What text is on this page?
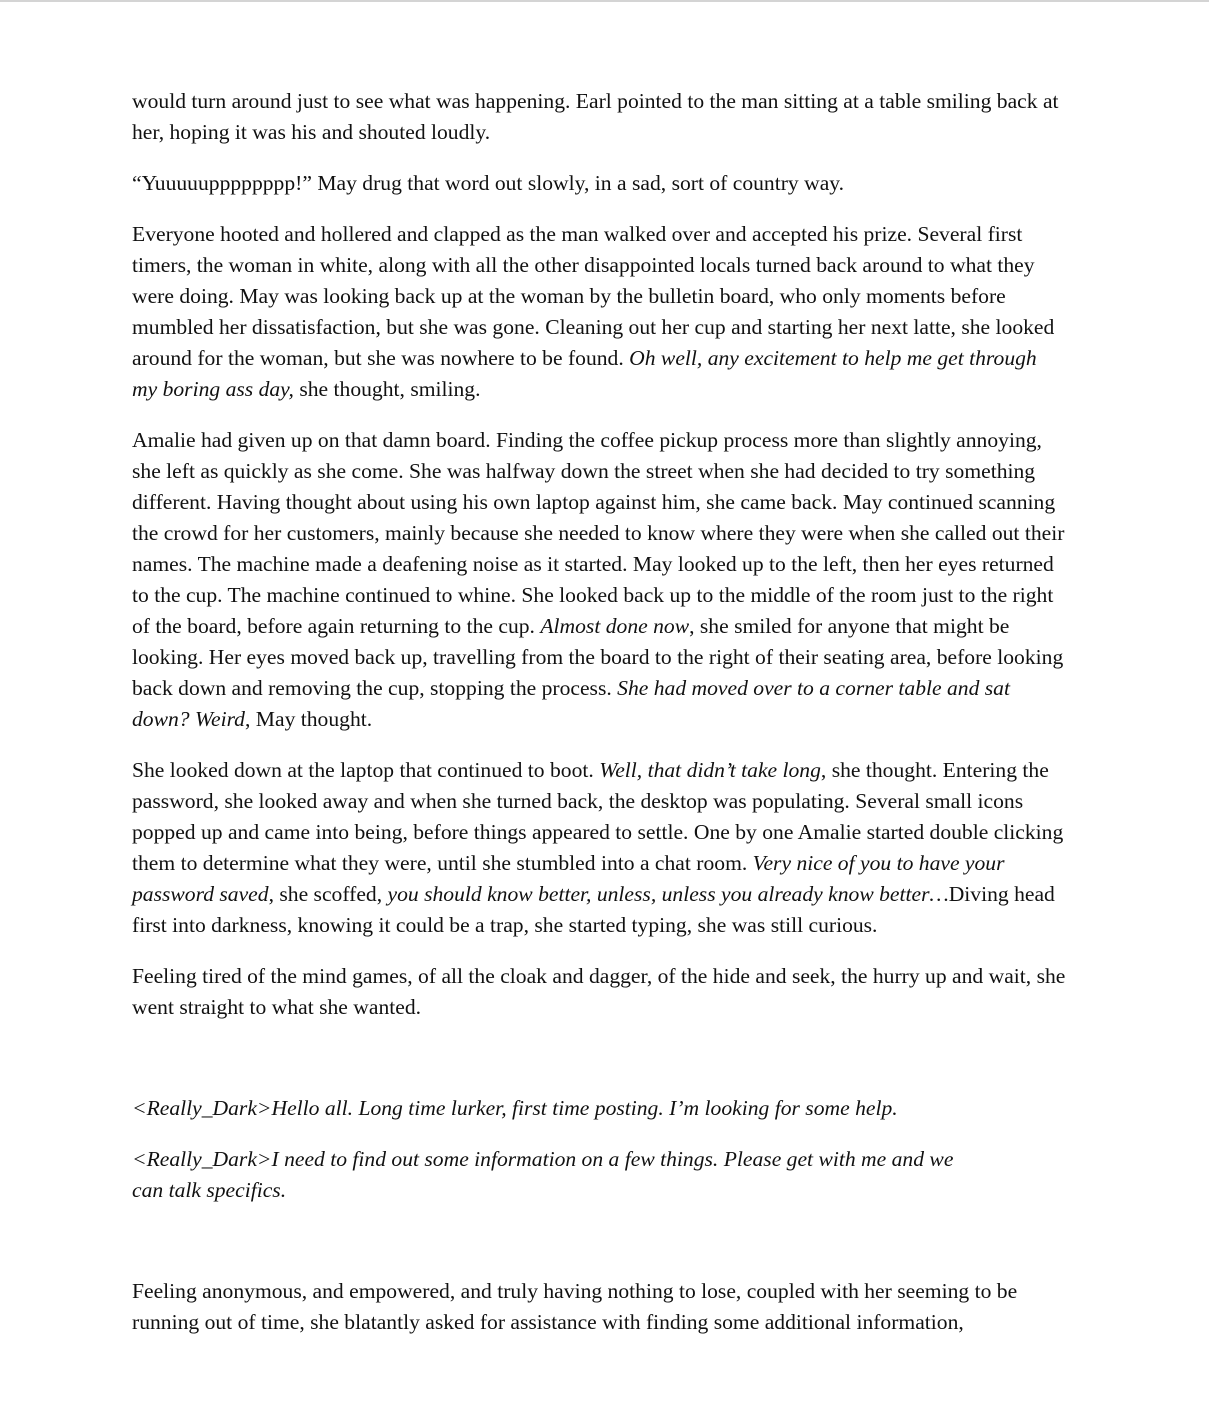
would turn around just to see what was happening. Earl pointed to the man sitting at a table smiling back at her, hoping it was his and shouted loudly.

“Yuuuuupppppppp!” May drug that word out slowly, in a sad, sort of country way.

Everyone hooted and hollered and clapped as the man walked over and accepted his prize. Several first timers, the woman in white, along with all the other disappointed locals turned back around to what they were doing. May was looking back up at the woman by the bulletin board, who only moments before mumbled her dissatisfaction, but she was gone. Cleaning out her cup and starting her next latte, she looked around for the woman, but she was nowhere to be found. Oh well, any excitement to help me get through my boring ass day, she thought, smiling.

Amalie had given up on that damn board. Finding the coffee pickup process more than slightly annoying, she left as quickly as she come. She was halfway down the street when she had decided to try something different. Having thought about using his own laptop against him, she came back. May continued scanning the crowd for her customers, mainly because she needed to know where they were when she called out their names. The machine made a deafening noise as it started. May looked up to the left, then her eyes returned to the cup. The machine continued to whine. She looked back up to the middle of the room just to the right of the board, before again returning to the cup. Almost done now, she smiled for anyone that might be looking. Her eyes moved back up, travelling from the board to the right of their seating area, before looking back down and removing the cup, stopping the process. She had moved over to a corner table and sat down? Weird, May thought.

She looked down at the laptop that continued to boot. Well, that didn’t take long, she thought. Entering the password, she looked away and when she turned back, the desktop was populating. Several small icons popped up and came into being, before things appeared to settle. One by one Amalie started double clicking them to determine what they were, until she stumbled into a chat room. Very nice of you to have your password saved, she scoffed, you should know better, unless, unless you already know better…Diving head first into darkness, knowing it could be a trap, she started typing, she was still curious.

Feeling tired of the mind games, of all the cloak and dagger, of the hide and seek, the hurry up and wait, she went straight to what she wanted.

<Really_Dark>Hello all. Long time lurker, first time posting. I’m looking for some help.

<Really_Dark>I need to find out some information on a few things. Please get with me and we can talk specifics.

Feeling anonymous, and empowered, and truly having nothing to lose, coupled with her seeming to be running out of time, she blatantly asked for assistance with finding some additional information,
